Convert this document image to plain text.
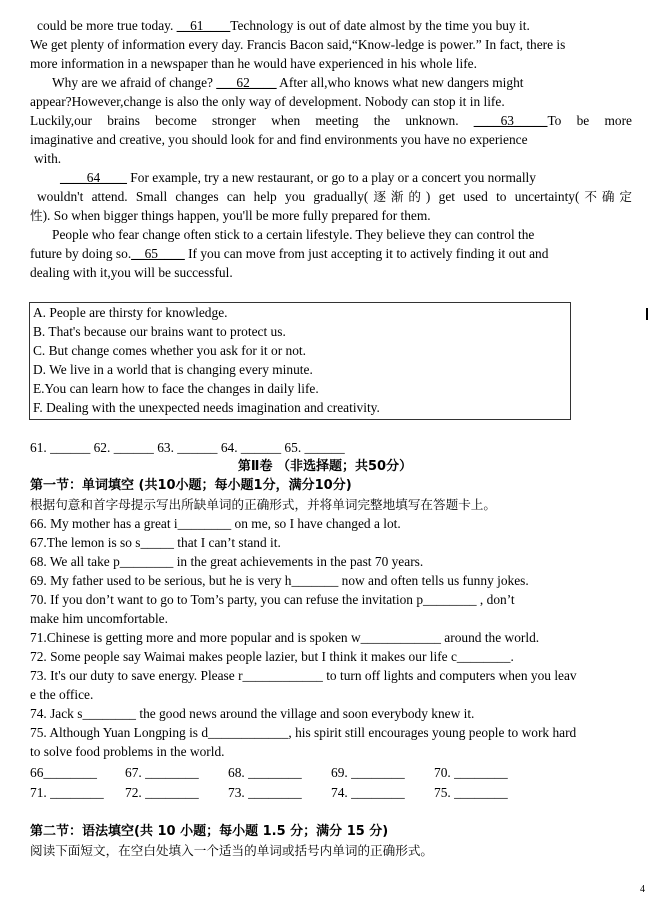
could be more true today. __61____Technology is out of date almost by the time you buy it.
We get plenty of information every day. Francis Bacon said,“Know-ledge is power.” In fact, there is
more information in a newspaper than he would have experienced in his whole life.
Why are we afraid of change? ___62____ After all,who knows what new dangers might
appear?However,change is also the only way of development. Nobody can stop it in life.
Luckily,our brains become stronger when meeting the unknown. ____63_____To be more
imaginative and creative, you should look for and find environments you have no experience
with.
____64____ For example, try a new restaurant, or go to a play or a concert you normally
wouldn't attend. Small changes can help you gradually(逐渐的) get used to uncertainty(不确定
性). So when bigger things happen, you'll be more fully prepared for them.
People who fear change often stick to a certain lifestyle. They believe they can control the
future by doing so.__65____ If you can move from just accepting it to actively finding it out and
dealing with it,you will be successful.
A. People are thirsty for knowledge.
B. That's because our brains want to protect us.
C. But change comes whether you ask for it or not.
D. We live in a world that is changing every minute.
E.You can learn how to face the changes in daily life.
F. Dealing with the unexpected needs imagination and creativity.
61. ______ 62. ______ 63. ______ 64. ______ 65. ______
第Ⅱ卷 （非选择题；共50分）
第一节：单词填空 (共10小题；每小题1分，满分10分)
根据句意和首字母提示写出所缺单词的正确形式，并将单词完整地填写在答题卡上。
66. My mother has a great i________ on me, so I have changed a lot.
67.The lemon is so s_____ that I can’t stand it.
68. We all take p________ in the great achievements in the past 70 years.
69. My father used to be serious, but he is very h_______ now and often tells us funny jokes.
70. If you don’t want to go to Tom’s party, you can refuse the invitation p________ , don’t
make him uncomfortable.
71.Chinese is getting more and more popular and is spoken w____________ around the world.
72. Some people say Waimai makes people lazier, but I think it makes our life c________.
73. It's our duty to save energy. Please r____________ to turn off lights and computers when you leav
e the office.
74. Jack s________ the good news around the village and soon everybody knew it.
75. Although Yuan Longping is d____________, his spirit still encourages young people to work hard
to solve food problems in the world.
66________ 67. ________ 68. ________ 69. ________ 70. ________
71. ________ 72. ________ 73. ________ 74. ________ 75. ________
第二节：语法填空(共 10 小题；每小题 1.5 分；满分 15 分)
阅读下面短文，在空白处填入一个适当的单词或括号内单词的正确形式。
4
